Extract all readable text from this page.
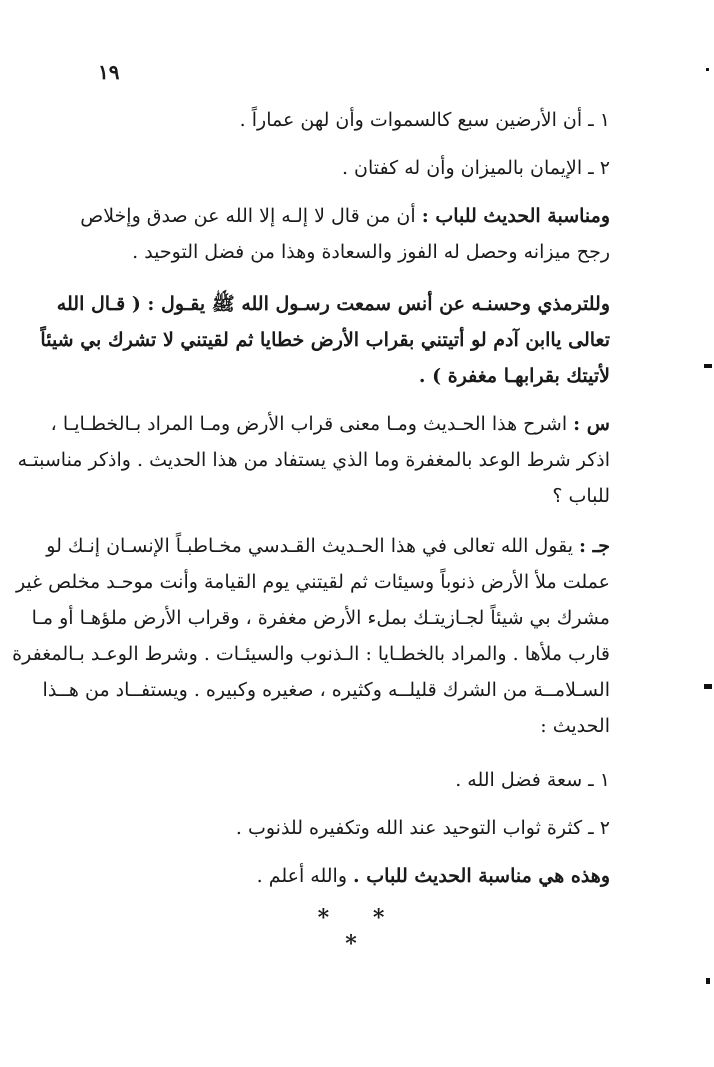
١٩
١ ـ أن الأرضين سبع كالسموات وأن لهن عماراً .
٢ ـ الإيمان بالميزان وأن له كفتان .
ومناسبة الحديث للباب : أن من قال لا إلـه إلا الله عن صدق وإخلاص
رجح ميزانه وحصل له الفوز والسعادة وهذا من فضل التوحيد .
وللترمذي وحسنـه عن أنس سمعت رسـول الله ﷺ يقـول : ( قـال الله
تعالى ياابن آدم لو أتيتني بقراب الأرض خطايا ثم لقيتني لا تشرك بي شيئاً
لأتيتك بقرابهـا مغفرة ) .
س : اشرح هذا الحـديث ومـا معنى قراب الأرض ومـا المراد بـالخطـايـا ،
اذكر شرط الوعد بالمغفرة وما الذي يستفاد من هذا الحديث . واذكر مناسبتـه
للباب ؟
جـ : يقول الله تعالى في هذا الحـديث القـدسي مخـاطبـاً الإنسـان إنـك لو
عملت ملأ الأرض ذنوباً وسيئات ثم لقيتني يوم القيامة وأنت موحـد مخلص غير
مشرك بي شيئاً لجـازيتـك بملء الأرض مغفرة ، وقراب الأرض ملؤهـا أو مـا
قارب ملأها . والمراد بالخطـايا : الـذنوب والسيئـات . وشرط الوعـد بـالمغفرة
السـلامــة من الشرك قليلــه وكثيره ، صغيره وكبيره . ويستفــاد من هــذا
الحديث :
١ ـ سعة فضل الله .
٢ ـ كثرة ثواب التوحيد عند الله وتكفيره للذنوب .
وهذه هي مناسبة الحديث للباب . والله أعلم .
* * *
